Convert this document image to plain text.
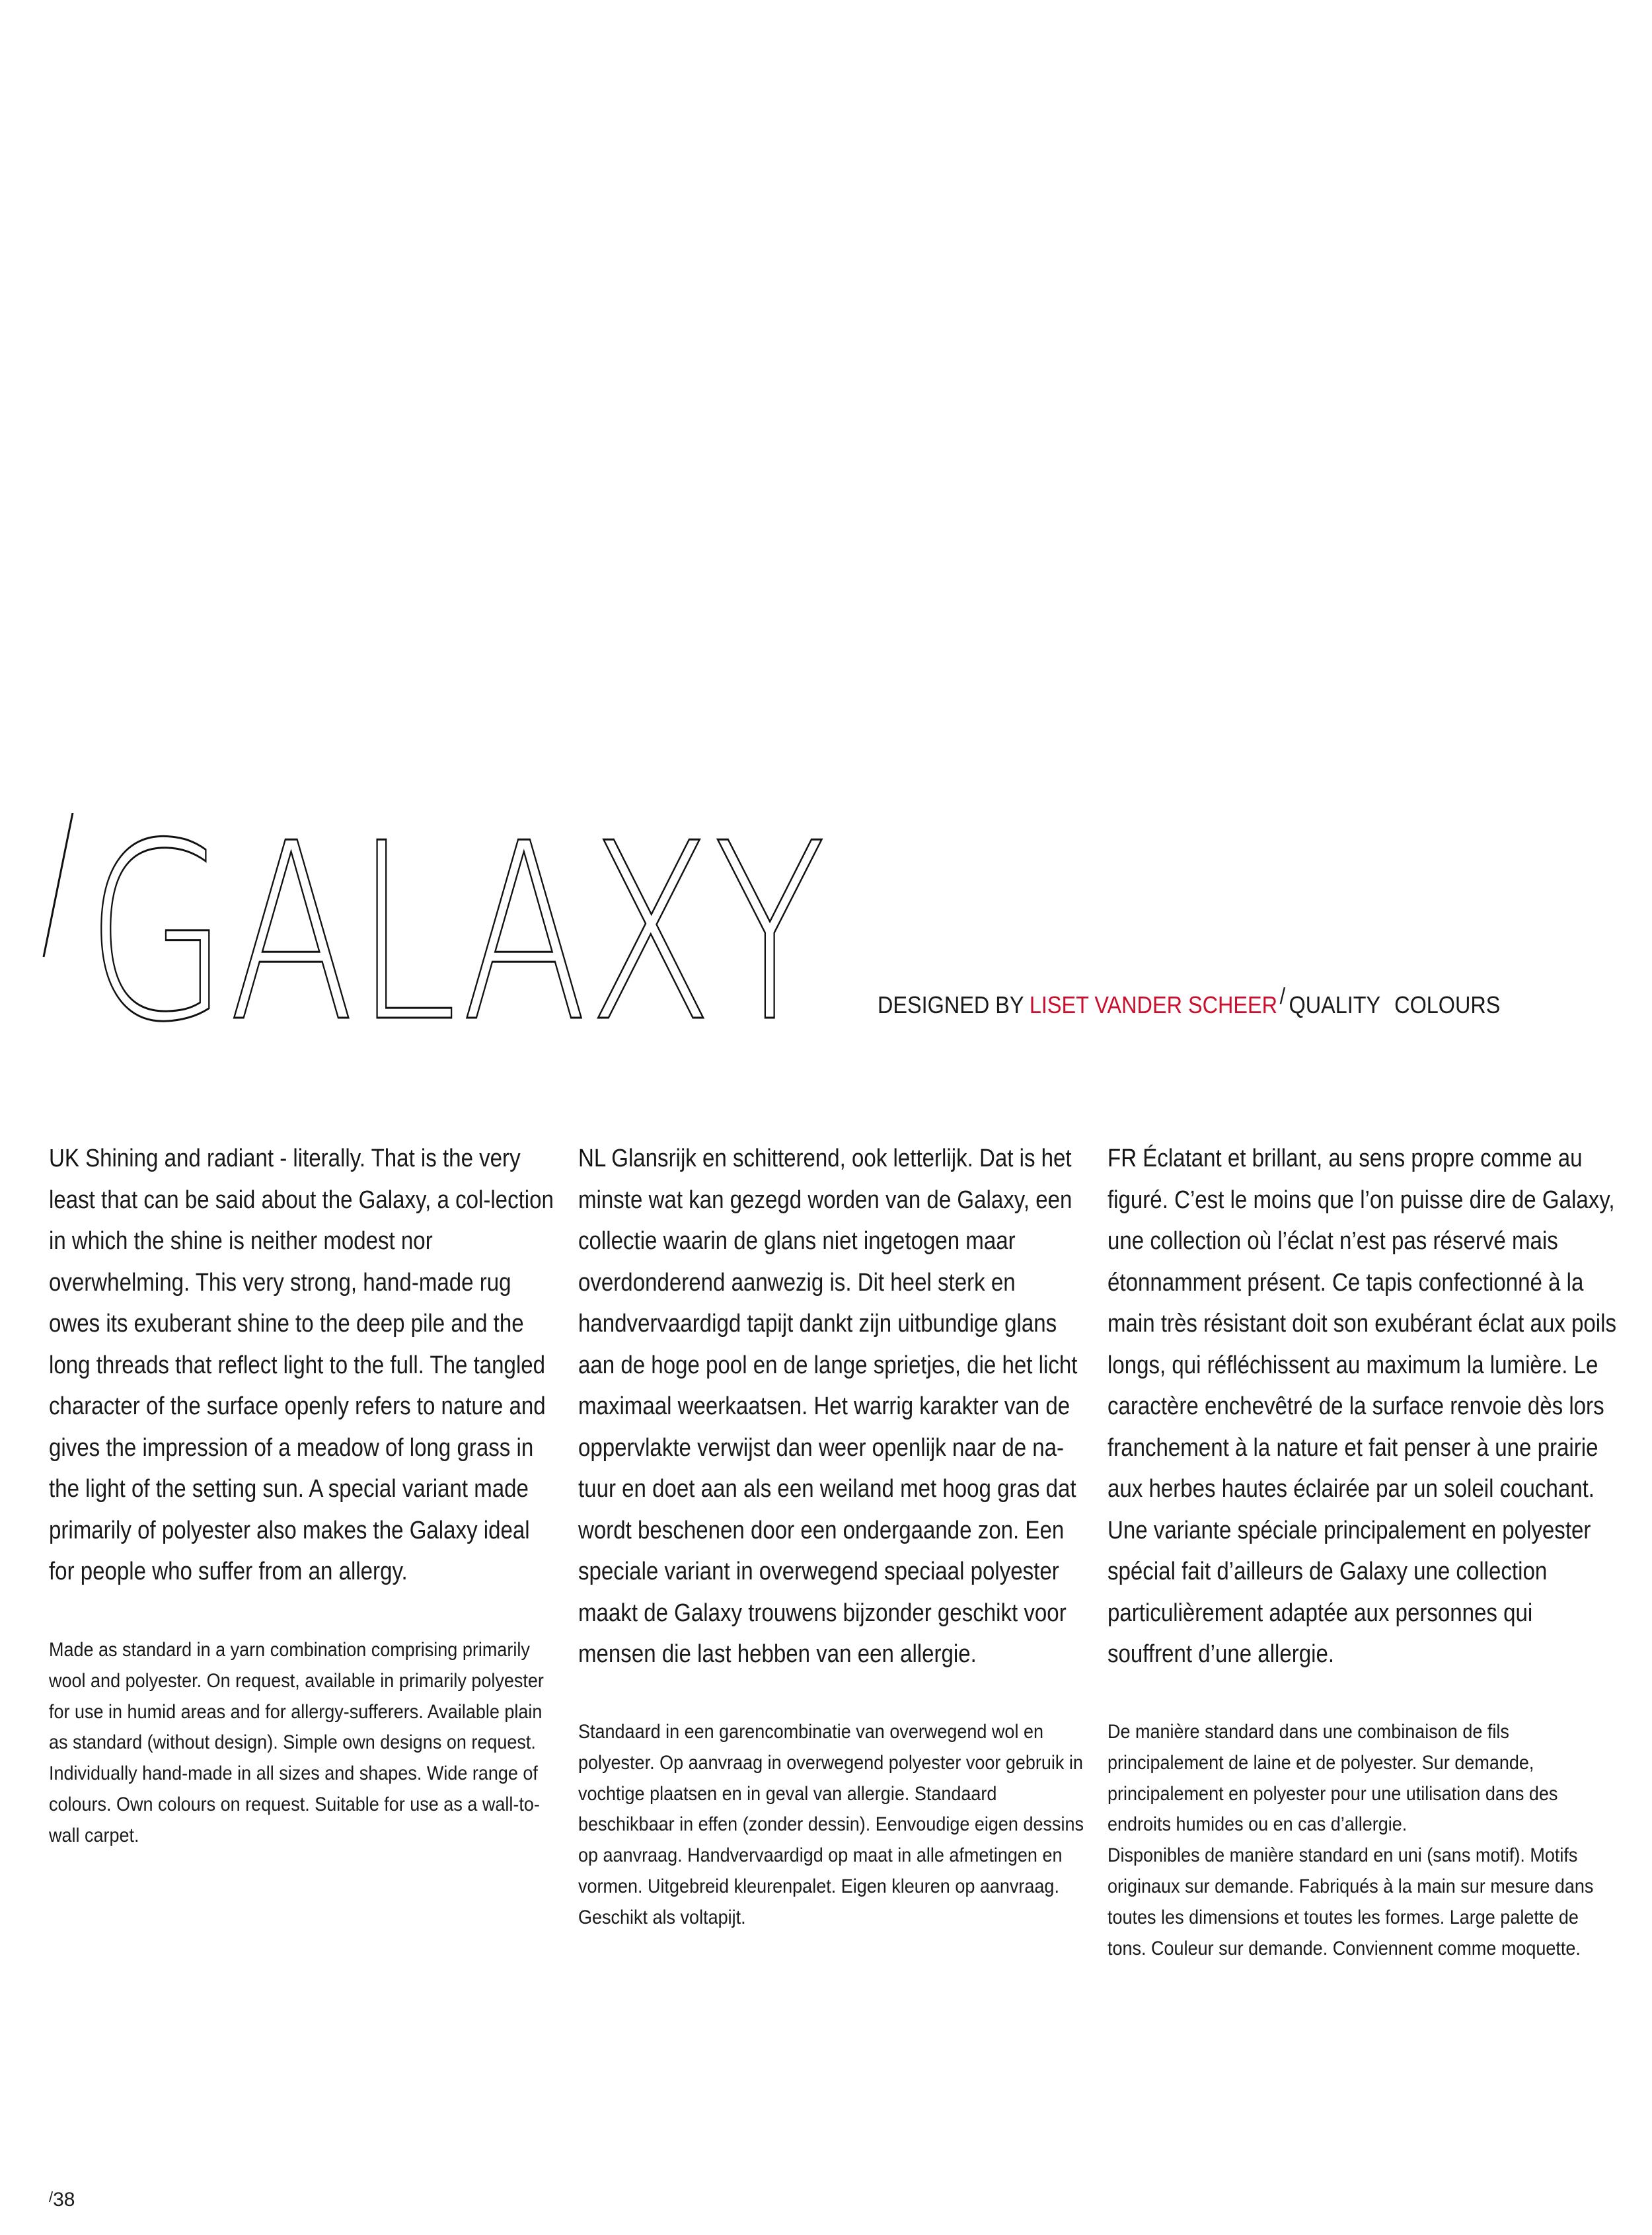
GALAXY DESIGNED BY LISET VANDER SCHEER / QUALITY COLOURS

UK Shining and radiant - literally. That is the very least that can be said about the Galaxy, a col-lection in which the shine is neither modest nor overwhelming. This very strong, hand-made rug owes its exuberant shine to the deep pile and the long threads that reflect light to the full. The tangled character of the surface openly refers to nature and gives the impression of a meadow of long grass in the light of the setting sun. A special variant made primarily of polyester also makes the Galaxy ideal for people who suffer from an allergy.

Made as standard in a yarn combination comprising primarily wool and polyester. On request, available in primarily polyester for use in humid areas and for allergy-sufferers. Available plain as standard (without design). Simple own designs on request. Individually hand-made in all sizes and shapes. Wide range of colours. Own colours on request. Suitable for use as a wall-to-wall carpet.

NL Glansrijk en schitterend, ook letterlijk. Dat is het minste wat kan gezegd worden van de Galaxy, een collectie waarin de glans niet ingetogen maar overdonderend aanwezig is. Dit heel sterk en handvervaardigd tapijt dankt zijn uitbundige glans aan de hoge pool en de lange sprietjes, die het licht maximaal weerkaatsen. Het warrig karakter van de oppervlakte verwijst dan weer openlijk naar de na-tuur en doet aan als een weiland met hoog gras dat wordt beschenen door een ondergaande zon. Een speciale variant in overwegend speciaal polyester maakt de Galaxy trouwens bijzonder geschikt voor mensen die last hebben van een allergie.

Standaard in een garencombinatie van overwegend wol en polyester. Op aanvraag in overwegend polyester voor gebruik in vochtige plaatsen en in geval van allergie. Standaard beschikbaar in effen (zonder dessin). Eenvoudige eigen dessins op aanvraag. Handvervaardigd op maat in alle afmetingen en vormen. Uitgebreid kleurenpalet. Eigen kleuren op aanvraag. Geschikt als voltapijt.

FR Éclatant et brillant, au sens propre comme au figuré. C’est le moins que l’on puisse dire de Galaxy, une collection où l’éclat n’est pas réservé mais étonnamment présent. Ce tapis confectionné à la main très résistant doit son exubérant éclat aux poils longs, qui réfléchissent au maximum la lumière. Le caractère enchevêtré de la surface renvoie dès lors franchement à la nature et fait penser à une prairie aux herbes hautes éclairée par un soleil couchant. Une variante spéciale principalement en polyester spécial fait d’ailleurs de Galaxy une collection particulièrement adaptée aux personnes qui souffrent d’une allergie.

De manière standard dans une combinaison de fils principalement de laine et de polyester. Sur demande, principalement en polyester pour une utilisation dans des endroits humides ou en cas d’allergie.

Disponibles de manière standard en uni (sans motif). Motifs originaux sur demande. Fabriqués à la main sur mesure dans toutes les dimensions et toutes les formes. Large palette de tons. Couleur sur demande. Conviennent comme moquette.

/38
